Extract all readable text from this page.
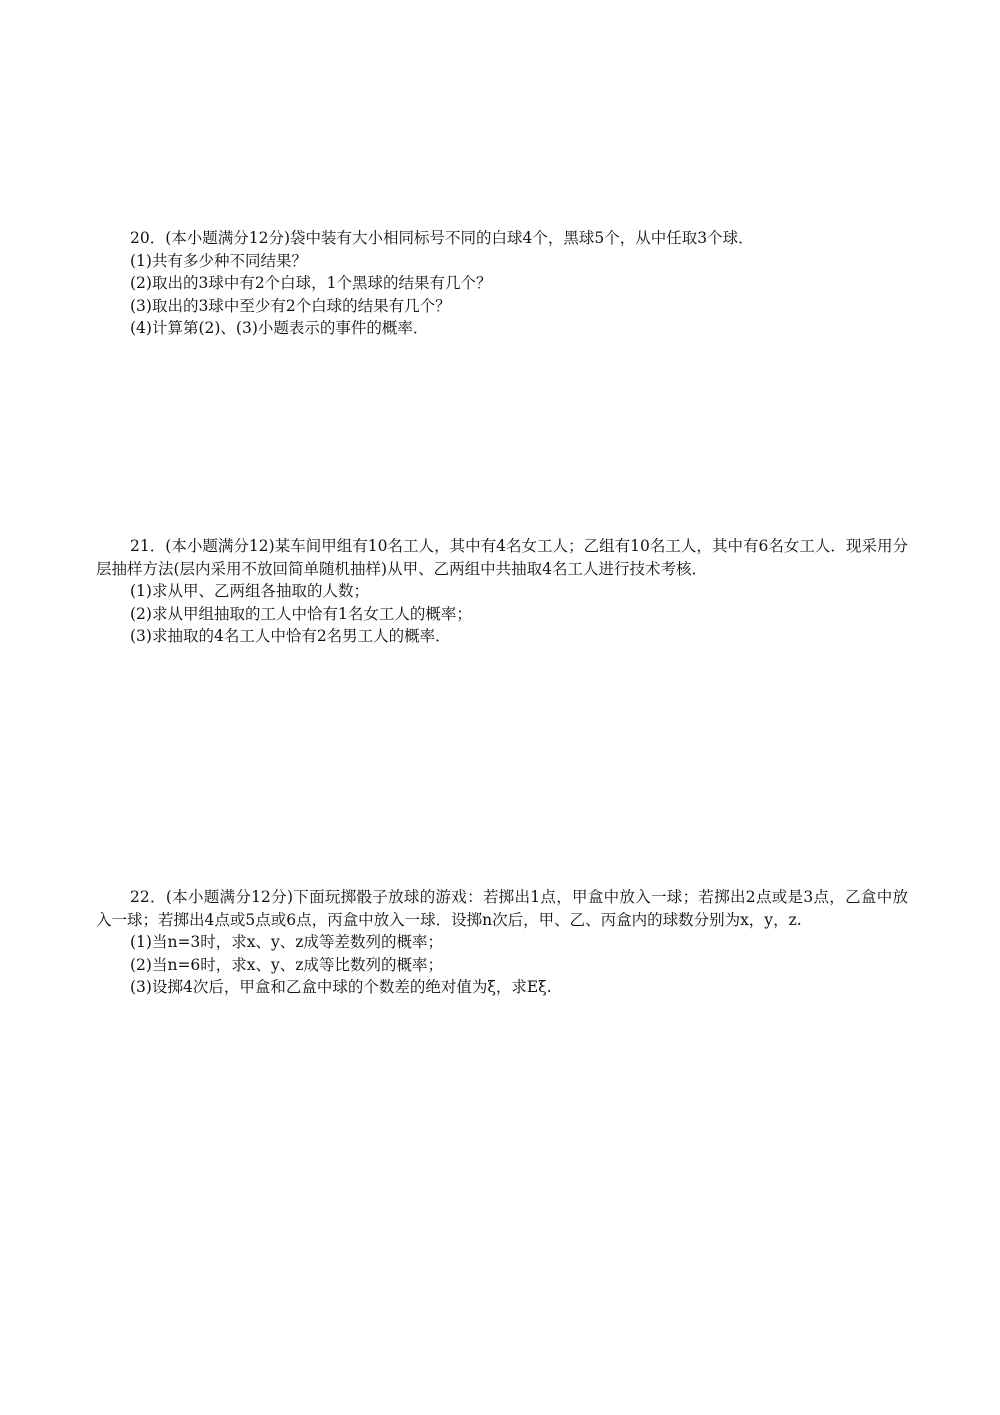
20．(本小题满分12分)袋中装有大小相同标号不同的白球4个，黑球5个，从中任取3个球．

(1)共有多少种不同结果？

(2)取出的3球中有2个白球，1个黑球的结果有几个？

(3)取出的3球中至少有2个白球的结果有几个？

(4)计算第(2)、(3)小题表示的事件的概率．

21．(本小题满分12)某车间甲组有10名工人，其中有4名女工人；乙组有10名工人，其中有6名女工人．现采用分层抽样方法(层内采用不放回简单随机抽样)从甲、乙两组中共抽取4名工人进行技术考核．

(1)求从甲、乙两组各抽取的人数；

(2)求从甲组抽取的工人中恰有1名女工人的概率；

(3)求抽取的4名工人中恰有2名男工人的概率．

22．(本小题满分12分)下面玩掷骰子放球的游戏：若掷出1点，甲盒中放入一球；若掷出2点或是3点，乙盒中放入一球；若掷出4点或5点或6点，丙盒中放入一球．设掷n次后，甲、乙、丙盒内的球数分别为x，y，z.

(1)当n=3时，求x、y、z成等差数列的概率；

(2)当n=6时，求x、y、z成等比数列的概率；

(3)设掷4次后，甲盒和乙盒中球的个数差的绝对值为ξ，求Eξ.
